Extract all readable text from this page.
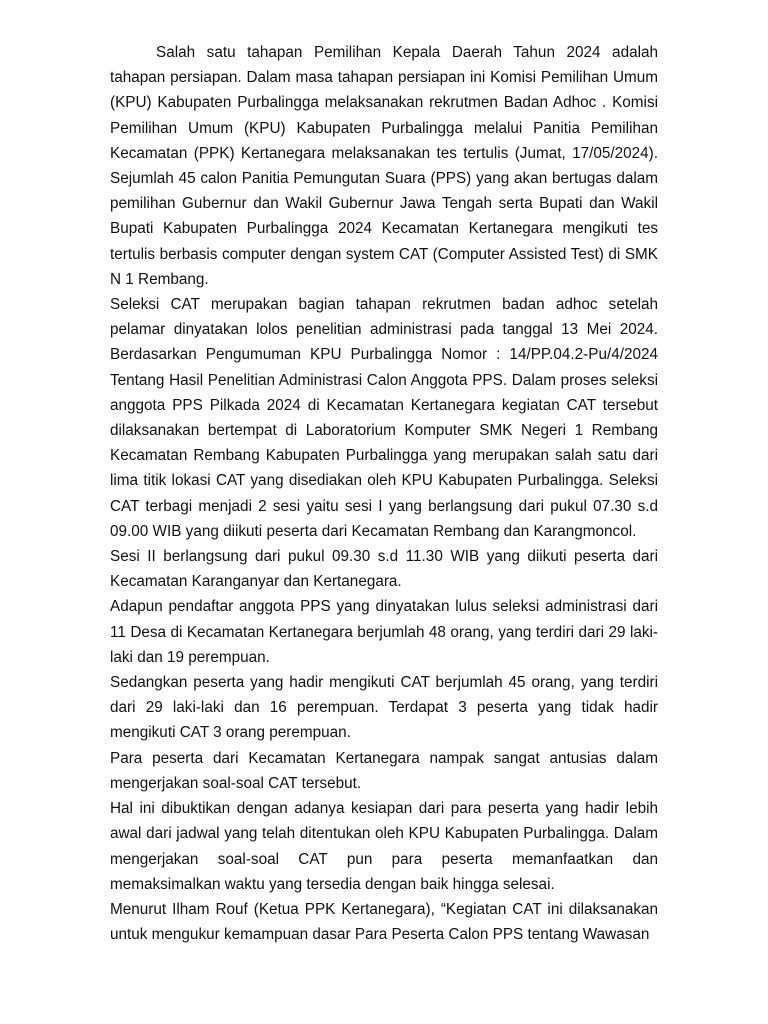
Salah satu tahapan Pemilihan Kepala Daerah Tahun 2024 adalah tahapan persiapan. Dalam masa tahapan persiapan ini Komisi Pemilihan Umum (KPU) Kabupaten Purbalingga melaksanakan rekrutmen Badan Adhoc . Komisi Pemilihan Umum (KPU) Kabupaten Purbalingga melalui Panitia Pemilihan Kecamatan (PPK) Kertanegara melaksanakan tes tertulis (Jumat, 17/05/2024). Sejumlah 45 calon Panitia Pemungutan Suara (PPS) yang akan bertugas dalam pemilihan Gubernur dan Wakil Gubernur Jawa Tengah serta Bupati dan Wakil Bupati Kabupaten Purbalingga 2024 Kecamatan Kertanegara mengikuti tes tertulis berbasis computer dengan system CAT (Computer Assisted Test) di SMK N 1 Rembang.

Seleksi CAT merupakan bagian tahapan rekrutmen badan adhoc setelah pelamar dinyatakan lolos penelitian administrasi pada tanggal 13 Mei 2024. Berdasarkan Pengumuman KPU Purbalingga Nomor : 14/PP.04.2-Pu/4/2024 Tentang Hasil Penelitian Administrasi Calon Anggota PPS. Dalam proses seleksi anggota PPS Pilkada 2024 di Kecamatan Kertanegara kegiatan CAT tersebut dilaksanakan bertempat di Laboratorium Komputer SMK Negeri 1 Rembang Kecamatan Rembang Kabupaten Purbalingga yang merupakan salah satu dari lima titik lokasi CAT yang disediakan oleh KPU Kabupaten Purbalingga. Seleksi CAT terbagi menjadi 2 sesi yaitu sesi I yang berlangsung dari pukul 07.30 s.d 09.00 WIB yang diikuti peserta dari Kecamatan Rembang dan Karangmoncol.

Sesi II berlangsung dari pukul 09.30 s.d 11.30 WIB yang diikuti peserta dari Kecamatan Karanganyar dan Kertanegara.

Adapun pendaftar anggota PPS yang dinyatakan lulus seleksi administrasi dari 11 Desa di Kecamatan Kertanegara berjumlah 48 orang, yang terdiri dari 29 laki-laki dan 19 perempuan.

Sedangkan peserta yang hadir mengikuti CAT berjumlah 45 orang, yang terdiri dari 29 laki-laki dan 16 perempuan. Terdapat 3 peserta yang tidak hadir mengikuti CAT 3 orang perempuan.

Para peserta dari Kecamatan Kertanegara nampak sangat antusias dalam mengerjakan soal-soal CAT tersebut.

Hal ini dibuktikan dengan adanya kesiapan dari para peserta yang hadir lebih awal dari jadwal yang telah ditentukan oleh KPU Kabupaten Purbalingga. Dalam mengerjakan soal-soal CAT pun para peserta memanfaatkan dan memaksimalkan waktu yang tersedia dengan baik hingga selesai.

Menurut Ilham Rouf (Ketua PPK Kertanegara), “Kegiatan CAT ini dilaksanakan untuk mengukur kemampuan dasar Para Peserta Calon PPS tentang Wawasan
